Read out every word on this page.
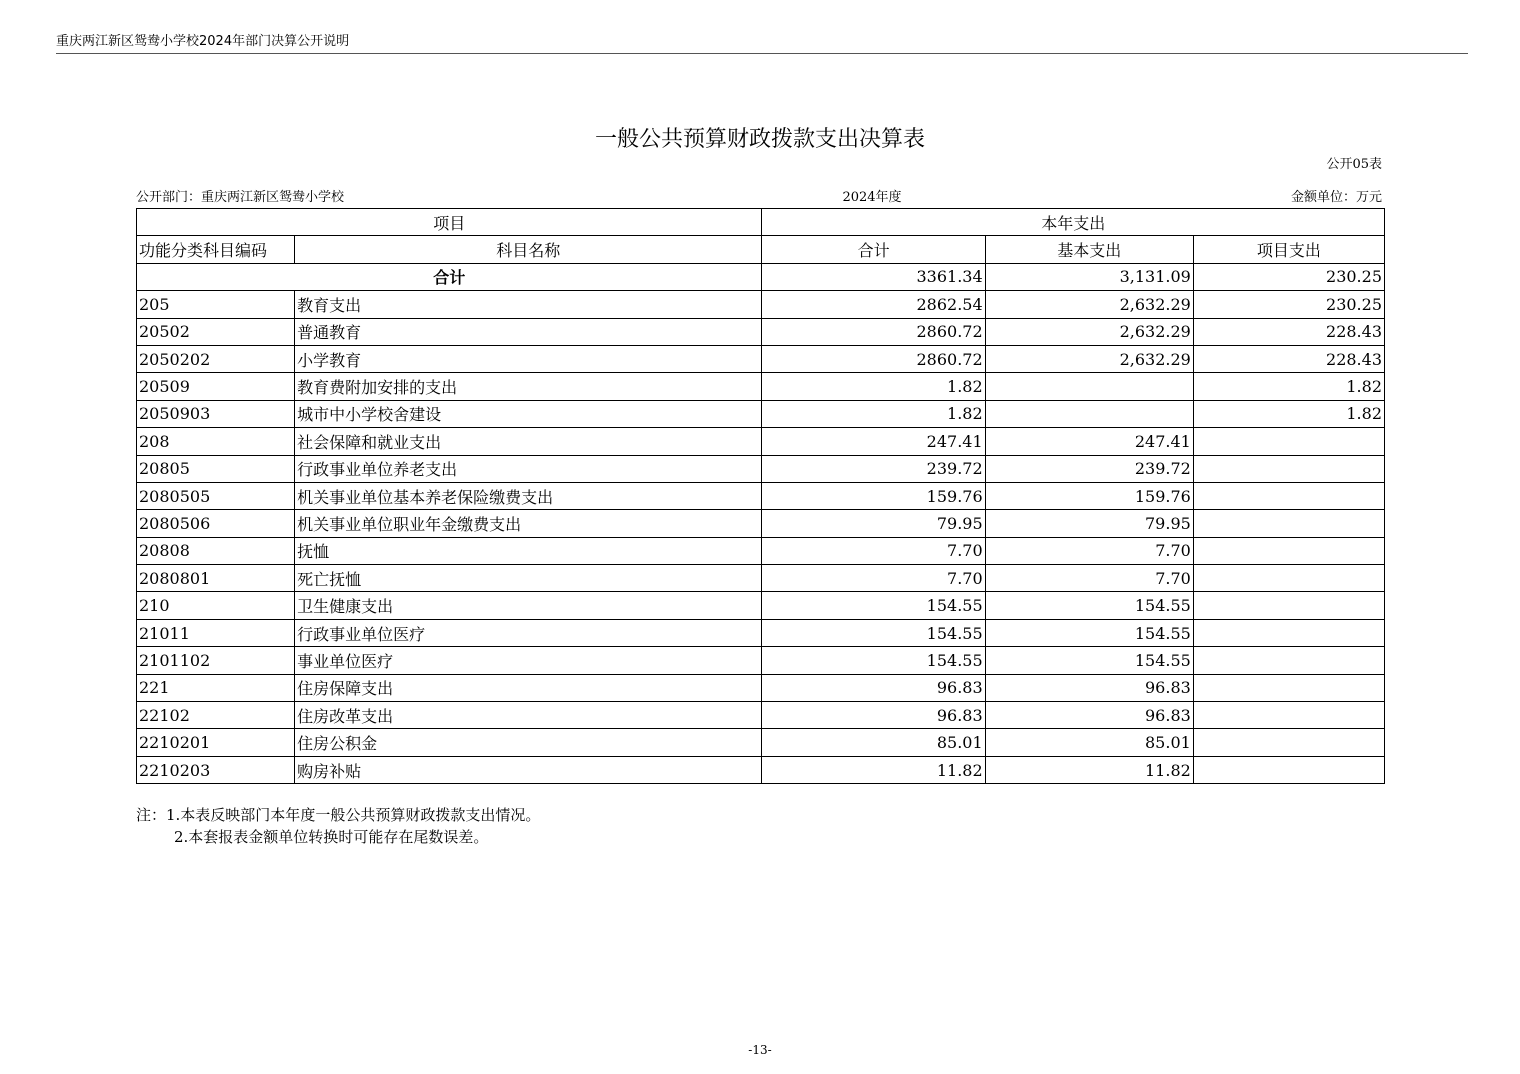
重庆两江新区鸳鸯小学校2024年部门决算公开说明
一般公共预算财政拨款支出决算表
公开05表
公开部门：重庆两江新区鸳鸯小学校	2024年度	金额单位：万元
项目		本年支出		
功能分类科目编码	科目名称	合计	基本支出	项目支出
合计		3361.34	3,131.09	230.25
205	教育支出	2862.54	2,632.29	230.25
20502	普通教育	2860.72	2,632.29	228.43
2050202	小学教育	2860.72	2,632.29	228.43
20509	教育费附加安排的支出	1.82		1.82
2050903	城市中小学校舍建设	1.82		1.82
208	社会保障和就业支出	247.41	247.41	
20805	行政事业单位养老支出	239.72	239.72	
2080505	机关事业单位基本养老保险缴费支出	159.76	159.76	
2080506	机关事业单位职业年金缴费支出	79.95	79.95	
20808	抚恤	7.70	7.70	
2080801	死亡抚恤	7.70	7.70	
210	卫生健康支出	154.55	154.55	
21011	行政事业单位医疗	154.55	154.55	
2101102	事业单位医疗	154.55	154.55	
221	住房保障支出	96.83	96.83	
22102	住房改革支出	96.83	96.83	
2210201	住房公积金	85.01	85.01	
2210203	购房补贴	11.82	11.82	
注：1.本表反映部门本年度一般公共预算财政拨款支出情况。
2.本套报表金额单位转换时可能存在尾数误差。
-13-
